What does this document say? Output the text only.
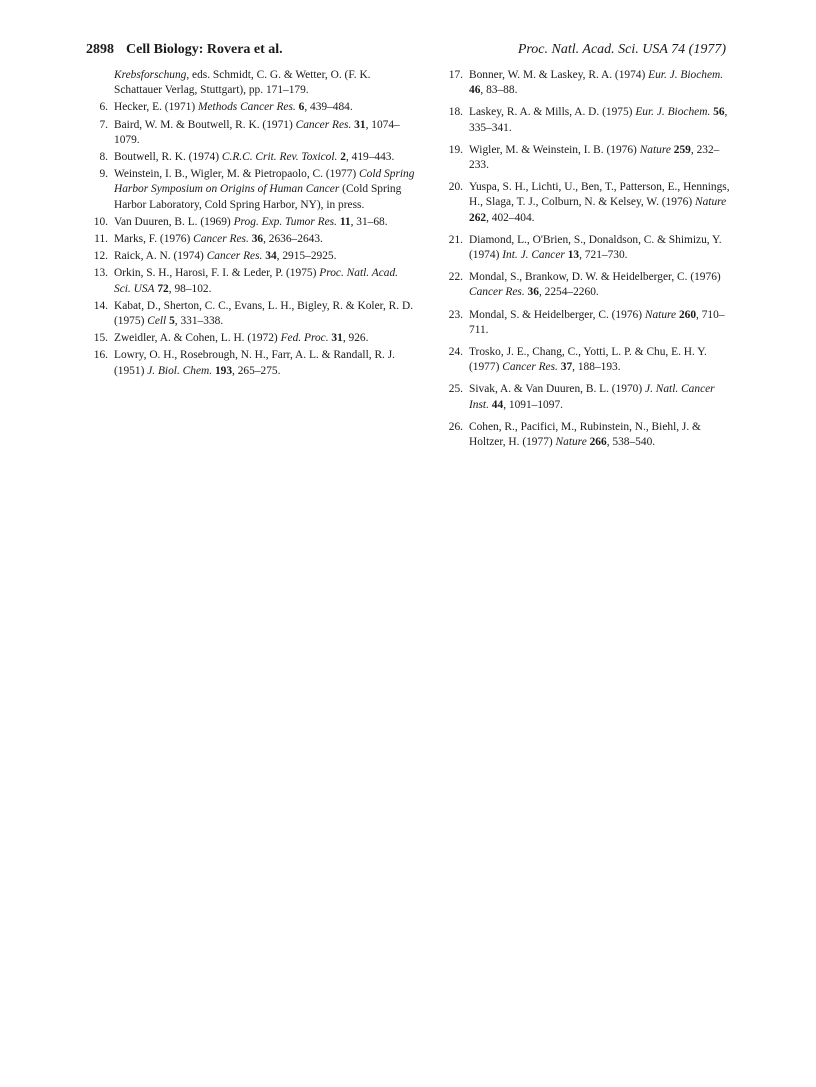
2898 Cell Biology: Rovera et al.	Proc. Natl. Acad. Sci. USA 74 (1977)
Krebsforschung, eds. Schmidt, C. G. & Wetter, O. (F. K. Schattauer Verlag, Stuttgart), pp. 171–179.
6. Hecker, E. (1971) Methods Cancer Res. 6, 439–484.
7. Baird, W. M. & Boutwell, R. K. (1971) Cancer Res. 31, 1074–1079.
8. Boutwell, R. K. (1974) C.R.C. Crit. Rev. Toxicol. 2, 419–443.
9. Weinstein, I. B., Wigler, M. & Pietropaolo, C. (1977) Cold Spring Harbor Symposium on Origins of Human Cancer (Cold Spring Harbor Laboratory, Cold Spring Harbor, NY), in press.
10. Van Duuren, B. L. (1969) Prog. Exp. Tumor Res. 11, 31–68.
11. Marks, F. (1976) Cancer Res. 36, 2636–2643.
12. Raick, A. N. (1974) Cancer Res. 34, 2915–2925.
13. Orkin, S. H., Harosi, F. I. & Leder, P. (1975) Proc. Natl. Acad. Sci. USA 72, 98–102.
14. Kabat, D., Sherton, C. C., Evans, L. H., Bigley, R. & Koler, R. D. (1975) Cell 5, 331–338.
15. Zweidler, A. & Cohen, L. H. (1972) Fed. Proc. 31, 926.
16. Lowry, O. H., Rosebrough, N. H., Farr, A. L. & Randall, R. J. (1951) J. Biol. Chem. 193, 265–275.
17. Bonner, W. M. & Laskey, R. A. (1974) Eur. J. Biochem. 46, 83–88.
18. Laskey, R. A. & Mills, A. D. (1975) Eur. J. Biochem. 56, 335–341.
19. Wigler, M. & Weinstein, I. B. (1976) Nature 259, 232–233.
20. Yuspa, S. H., Lichti, U., Ben, T., Patterson, E., Hennings, H., Slaga, T. J., Colburn, N. & Kelsey, W. (1976) Nature 262, 402–404.
21. Diamond, L., O'Brien, S., Donaldson, C. & Shimizu, Y. (1974) Int. J. Cancer 13, 721–730.
22. Mondal, S., Brankow, D. W. & Heidelberger, C. (1976) Cancer Res. 36, 2254–2260.
23. Mondal, S. & Heidelberger, C. (1976) Nature 260, 710–711.
24. Trosko, J. E., Chang, C., Yotti, L. P. & Chu, E. H. Y. (1977) Cancer Res. 37, 188–193.
25. Sivak, A. & Van Duuren, B. L. (1970) J. Natl. Cancer Inst. 44, 1091–1097.
26. Cohen, R., Pacifici, M., Rubinstein, N., Biehl, J. & Holtzer, H. (1977) Nature 266, 538–540.
